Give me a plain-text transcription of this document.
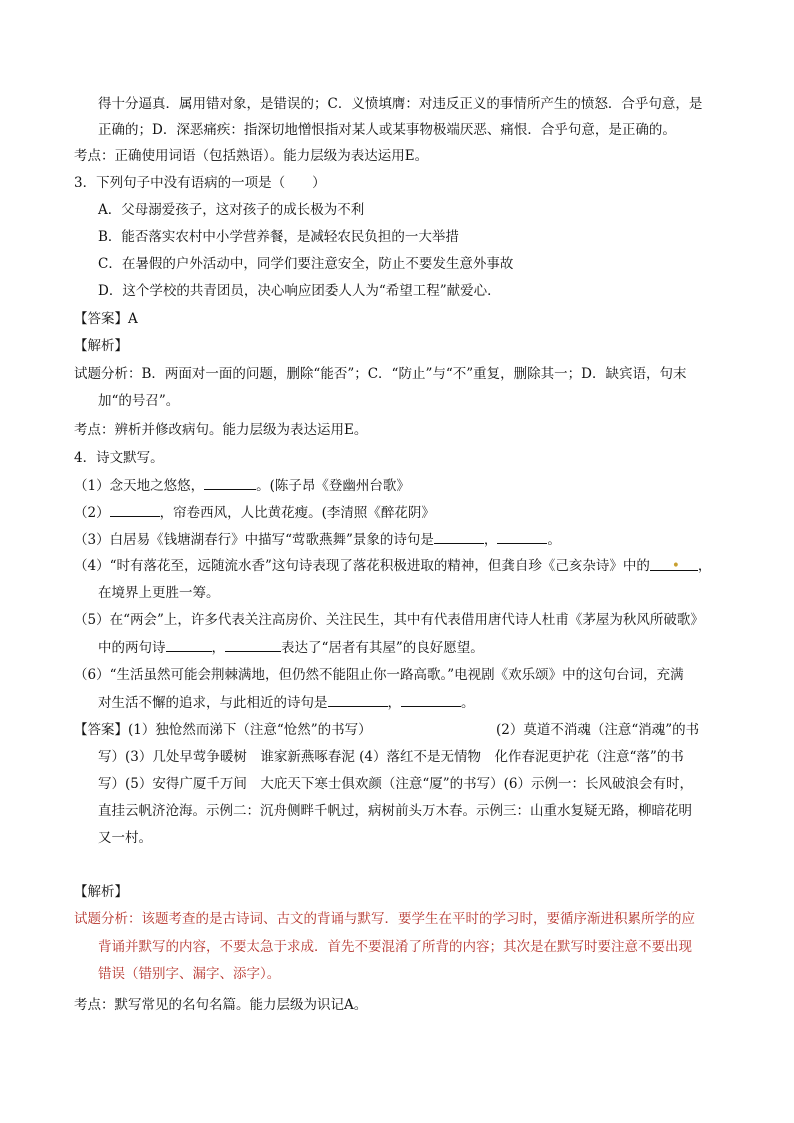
得十分逼真．属用错对象，是错误的；C．义愤填膺：对违反正义的事情所产生的愤怒．合乎句意，是
正确的；D．深恶痛疾：指深切地憎恨指对某人或某事物极端厌恶、痛恨．合乎句意，是正确的。
考点：正确使用词语（包括熟语）。能力层级为表达运用E。
3．下列句子中没有语病的一项是（　　）
A．父母溺爱孩子，这对孩子的成长极为不利
B．能否落实农村中小学营养餐，是减轻农民负担的一大举措
C．在暑假的户外活动中，同学们要注意安全，防止不要发生意外事故
D．这个学校的共青团员，决心响应团委人人为“希望工程”献爱心．
【答案】A
【解析】
试题分析：B．两面对一面的问题，删除“能否”；C．“防止”与“不”重复，删除其一；D．缺宾语，句末
加“的号召”。
考点：辨析并修改病句。能力层级为表达运用E。
4．诗文默写。
（1）念天地之悠悠，	。(陈子昂《登幽州台歌》
（2）	，帘卷西风，人比黄花瘦。(李清照《醉花阴》
（3）白居易《钱塘湖春行》中描写“莺歌燕舞”景象的诗句是	，	。
（4）“时有落花至，远随流水香”这句诗表现了落花积极进取的精神，但龚自珍《己亥杂诗》中的 • ，
在境界上更胜一筹。
（5）在“两会”上，许多代表关注高房价、关注民生，其中有代表借用唐代诗人杜甫《茅屋为秋风所破歌》
中的两句诗	，	表达了“居者有其屋”的良好愿望。
（6）“生活虽然可能会荆棘满地，但仍然不能阻止你一路高歌。”电视剧《欢乐颂》中的这句台词，充满
对生活不懈的追求，与此相近的诗句是	，	。
【答案】(1）独怆然而涕下（注意“怆然”的书写）	(2）莫道不消魂（注意“消魂”的书
写）(3）几处早莺争暖树　谁家新燕啄春泥 (4）落红不是无情物　化作春泥更护花（注意“落”的书
写）(5）安得广厦千万间　大庇天下寒士俱欢颜（注意“厦”的书写）(6）示例一：长风破浪会有时，
直挂云帆济沧海。示例二：沉舟侧畔千帆过，病树前头万木春。示例三：山重水复疑无路，柳暗花明
又一村。
【解析】
试题分析：该题考查的是古诗词、古文的背诵与默写．要学生在平时的学习时，要循序渐进积累所学的应
背诵并默写的内容，不要太急于求成．首先不要混淆了所背的内容；其次是在默写时要注意不要出现
错误（错别字、漏字、添字）。
考点：默写常见的名句名篇。能力层级为识记A。
